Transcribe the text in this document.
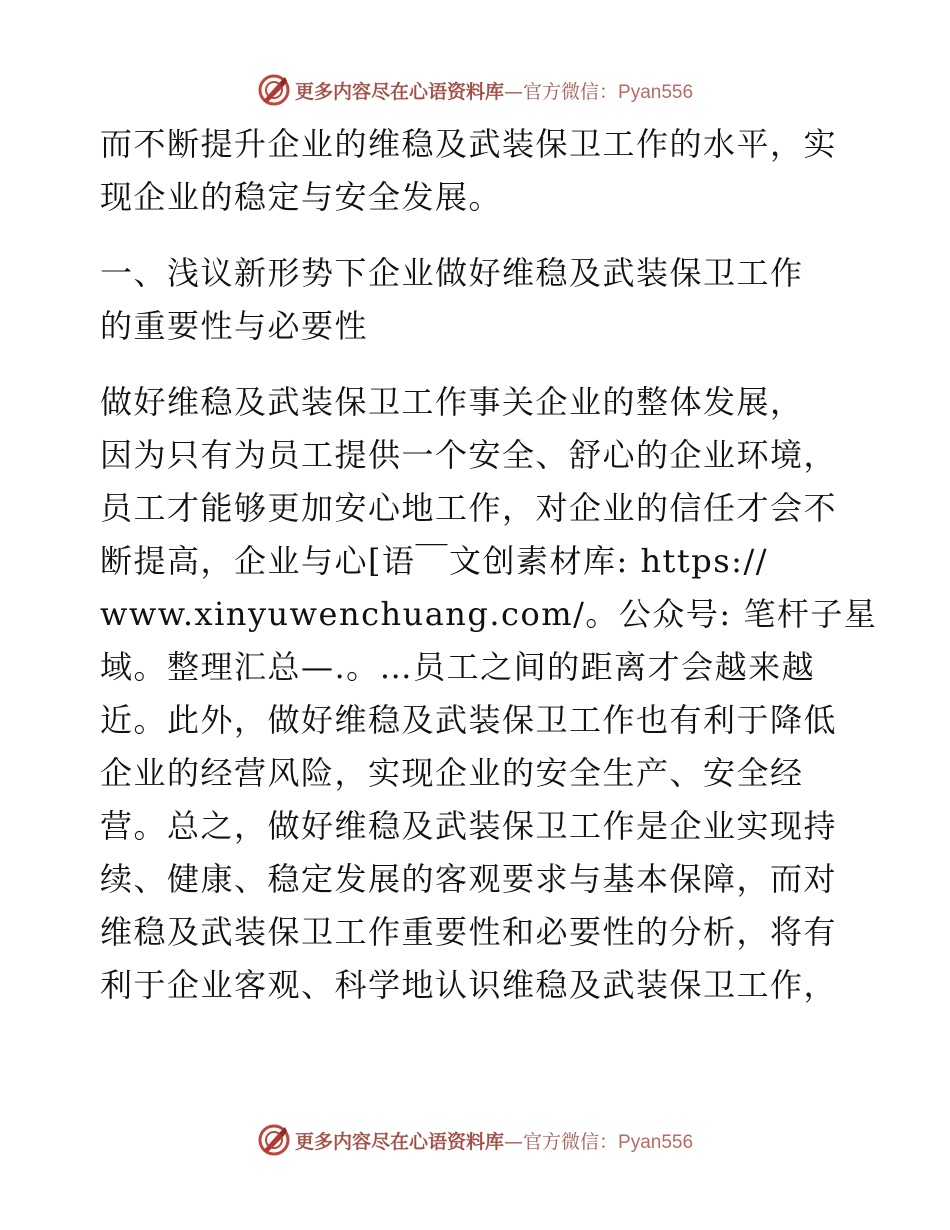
更多内容尽在心语资料库—官方微信：Pyan556

而不断提升企业的维稳及武装保卫工作的水平，实
现企业的稳定与安全发展。

一、浅议新形势下企业做好维稳及武装保卫工作
的重要性与必要性

做好维稳及武装保卫工作事关企业的整体发展，
因为只有为员工提供一个安全、舒心的企业环境，
员工才能够更加安心地工作，对企业的信任才会不
断提高，企业与心[语￣文创素材库: https://
www.xinyuwenchuang.com/。公众号: 笔杆子星
域。整理汇总—.。…员工之间的距离才会越来越
近。此外，做好维稳及武装保卫工作也有利于降低
企业的经营风险，实现企业的安全生产、安全经
营。总之，做好维稳及武装保卫工作是企业实现持
续、健康、稳定发展的客观要求与基本保障，而对
维稳及武装保卫工作重要性和必要性的分析，将有
利于企业客观、科学地认识维稳及武装保卫工作，

更多内容尽在心语资料库—官方微信：Pyan556
